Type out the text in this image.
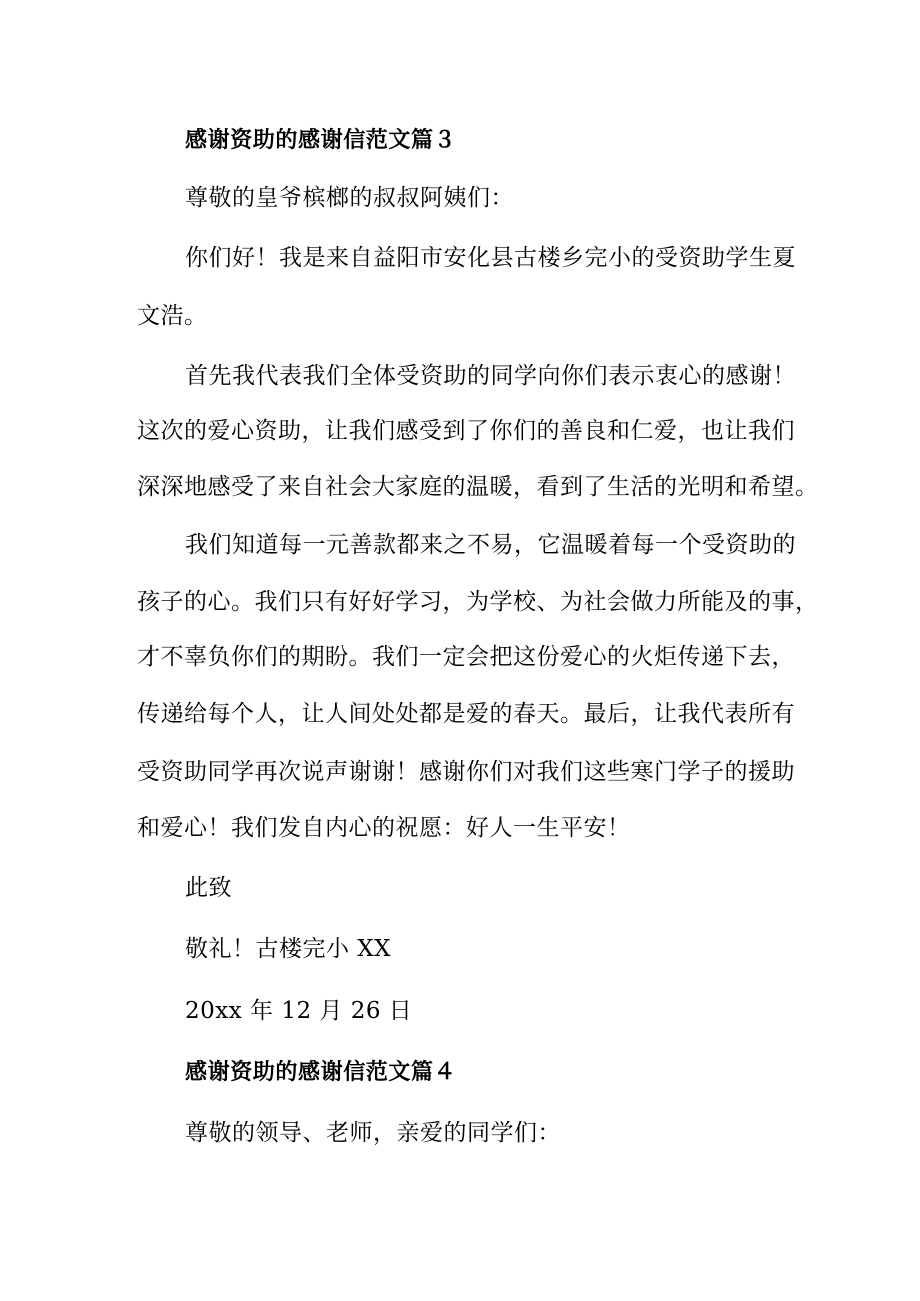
感谢资助的感谢信范文篇３
尊敬的皇爷槟榔的叔叔阿姨们：
你们好！我是来自益阳市安化县古楼乡完小的受资助学生夏
文浩。
首先我代表我们全体受资助的同学向你们表示衷心的感谢！
这次的爱心资助，让我们感受到了你们的善良和仁爱，也让我们
深深地感受了来自社会大家庭的温暖，看到了生活的光明和希望。
我们知道每一元善款都来之不易，它温暖着每一个受资助的
孩子的心。我们只有好好学习，为学校、为社会做力所能及的事，
才不辜负你们的期盼。我们一定会把这份爱心的火炬传递下去，
传递给每个人，让人间处处都是爱的春天。最后，让我代表所有
受资助同学再次说声谢谢！感谢你们对我们这些寒门学子的援助
和爱心！我们发自内心的祝愿：好人一生平安！
此致
敬礼！古楼完小 XX
20xx 年 12 月 26 日
感谢资助的感谢信范文篇４
尊敬的领导、老师，亲爱的同学们：
